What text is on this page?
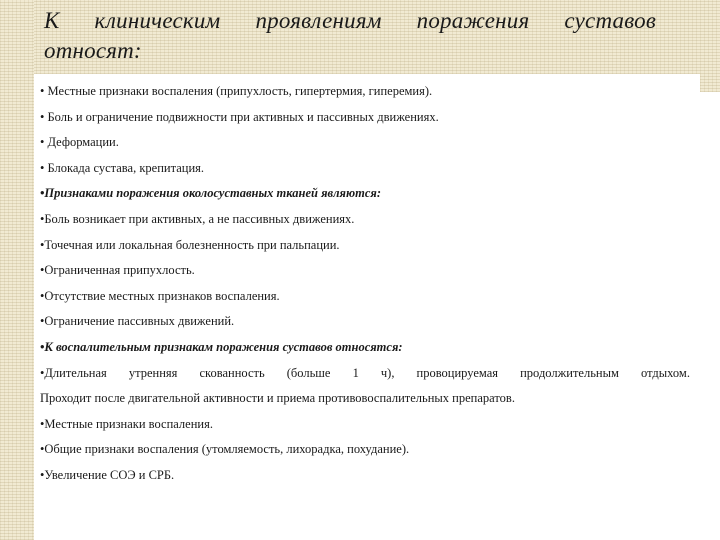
К клиническим проявлениям поражения суставов
относят:
• Местные признаки воспаления (припухлость, гипертермия, гиперемия).
• Боль и ограничение подвижности при активных и пассивных движениях.
• Деформации.
• Блокада сустава, крепитация.
•Признаками поражения околосуставных тканей являются:
•Боль возникает при активных, а не пассивных движениях.
•Точечная или локальная болезненность при пальпации.
•Ограниченная припухлость.
•Отсутствие местных признаков воспаления.
•Ограничение пассивных движений.
•К воспалительным признакам поражения суставов относятся:
•Длительная утренняя скованность (больше 1 ч), провоцируемая продолжительным отдыхом.
Проходит после двигательной активности и приема противовоспалительных препаратов.
•Местные признаки воспаления.
•Общие признаки воспаления (утомляемость, лихорадка, похудание).
•Увеличение СОЭ и СРБ.
